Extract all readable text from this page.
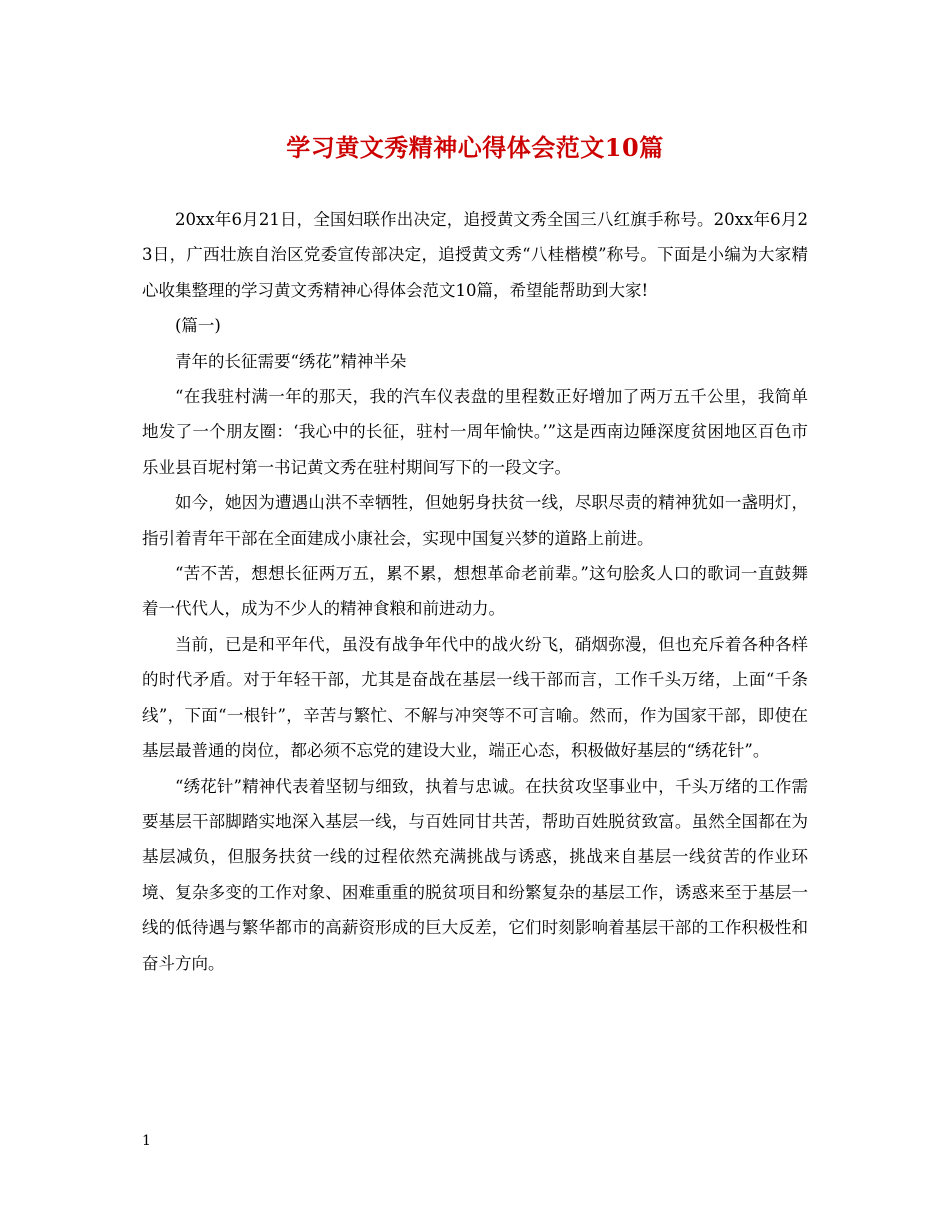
学习黄文秀精神心得体会范文10篇

20xx年6月21日，全国妇联作出决定，追授黄文秀全国三八红旗手称号。20xx年6月23日，广西壮族自治区党委宣传部决定，追授黄文秀“八桂楷模”称号。下面是小编为大家精心收集整理的学习黄文秀精神心得体会范文10篇，希望能帮助到大家!

(篇一)

青年的长征需要“绣花”精神半朵

“在我驻村满一年的那天，我的汽车仪表盘的里程数正好增加了两万五千公里，我简单地发了一个朋友圈：‘我心中的长征，驻村一周年愉快。’”这是西南边陲深度贫困地区百色市乐业县百坭村第一书记黄文秀在驻村期间写下的一段文字。

如今，她因为遭遇山洪不幸牺牲，但她躬身扶贫一线，尽职尽责的精神犹如一盏明灯，指引着青年干部在全面建成小康社会，实现中国复兴梦的道路上前进。

“苦不苦，想想长征两万五，累不累，想想革命老前辈。”这句脍炙人口的歌词一直鼓舞着一代代人，成为不少人的精神食粮和前进动力。

当前，已是和平年代，虽没有战争年代中的战火纷飞，硝烟弥漫，但也充斥着各种各样的时代矛盾。对于年轻干部，尤其是奋战在基层一线干部而言，工作千头万绪，上面“千条线”，下面“一根针”，辛苦与繁忙、不解与冲突等不可言喻。然而，作为国家干部，即使在基层最普通的岗位，都必须不忘党的建设大业，端正心态，积极做好基层的“绣花针”。

“绣花针”精神代表着坚韧与细致，执着与忠诚。在扶贫攻坚事业中，千头万绪的工作需要基层干部脚踏实地深入基层一线，与百姓同甘共苦，帮助百姓脱贫致富。虽然全国都在为基层减负，但服务扶贫一线的过程依然充满挑战与诱惑，挑战来自基层一线贫苦的作业环境、复杂多变的工作对象、困难重重的脱贫项目和纷繁复杂的基层工作，诱惑来至于基层一线的低待遇与繁华都市的高薪资形成的巨大反差，它们时刻影响着基层干部的工作积极性和奋斗方向。

1
